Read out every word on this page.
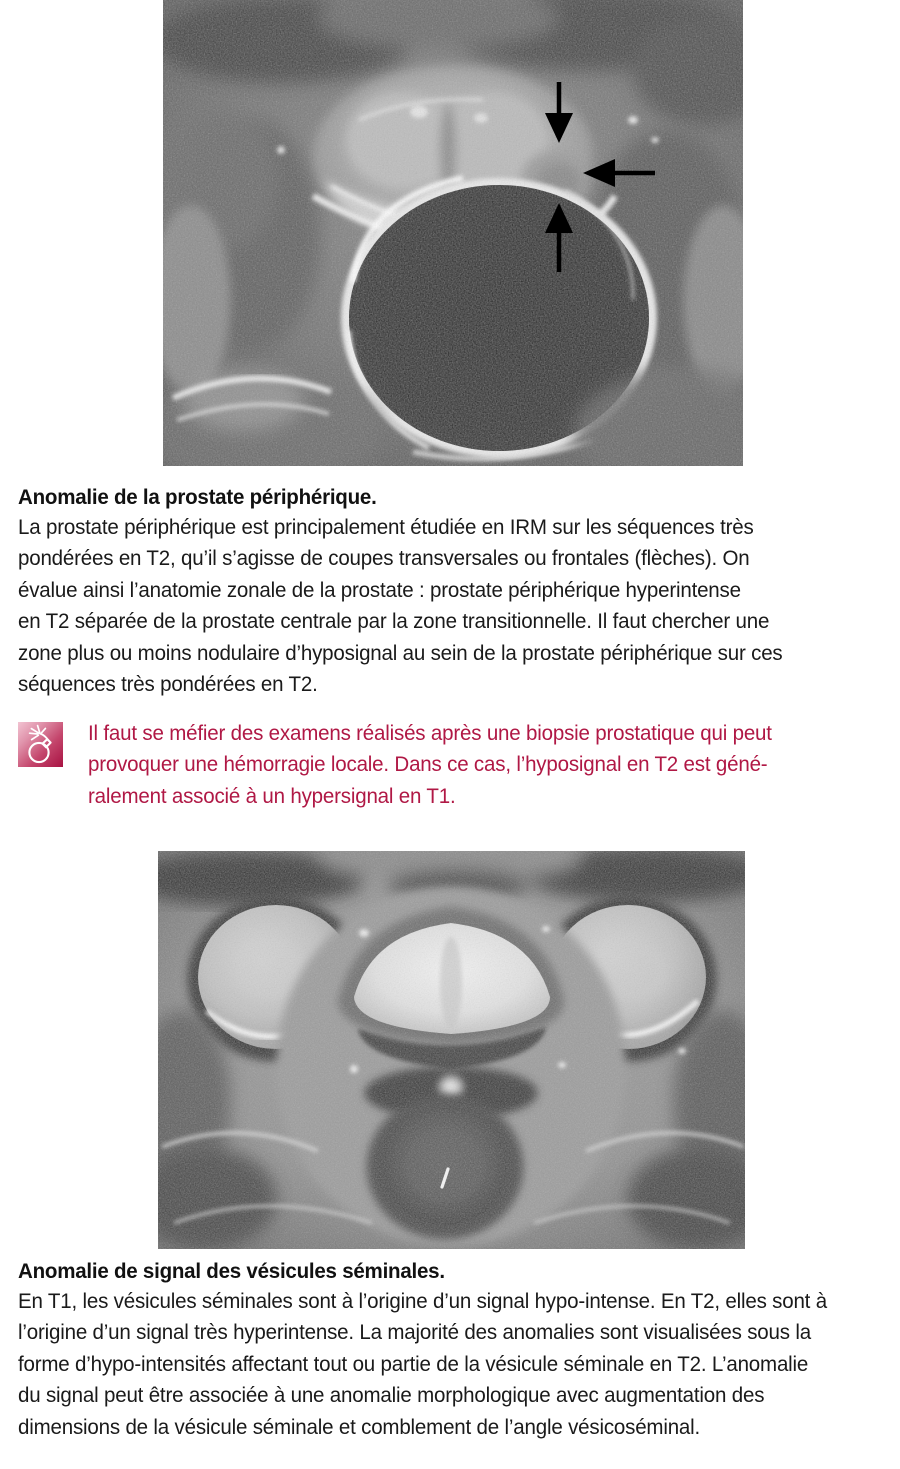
Anomalie de la prostate périphérique.

La prostate périphérique est principalement étudiée en IRM sur les séquences très
pondérées en T2, qu’il s’agisse de coupes transversales ou frontales (flèches). On
évalue ainsi l’anatomie zonale de la prostate : prostate périphérique hyperintense
en T2 séparée de la prostate centrale par la zone transitionnelle. Il faut chercher une
zone plus ou moins nodulaire d’hyposignal au sein de la prostate périphérique sur ces
séquences très pondérées en T2.

Il faut se méfier des examens réalisés après une biopsie prostatique qui peut
provoquer une hémorragie locale. Dans ce cas, l’hyposignal en T2 est géné-
ralement associé à un hypersignal en T1.
Anomalie de signal des vésicules séminales.

En T1, les vésicules séminales sont à l’origine d’un signal hypo-intense. En T2, elles sont à
l’origine d’un signal très hyperintense. La majorité des anomalies sont visualisées sous la
forme d’hypo-intensités affectant tout ou partie de la vésicule séminale en T2. L’anomalie
du signal peut être associée à une anomalie morphologique avec augmentation des
dimensions de la vésicule séminale et comblement de l’angle vésicoséminal.
